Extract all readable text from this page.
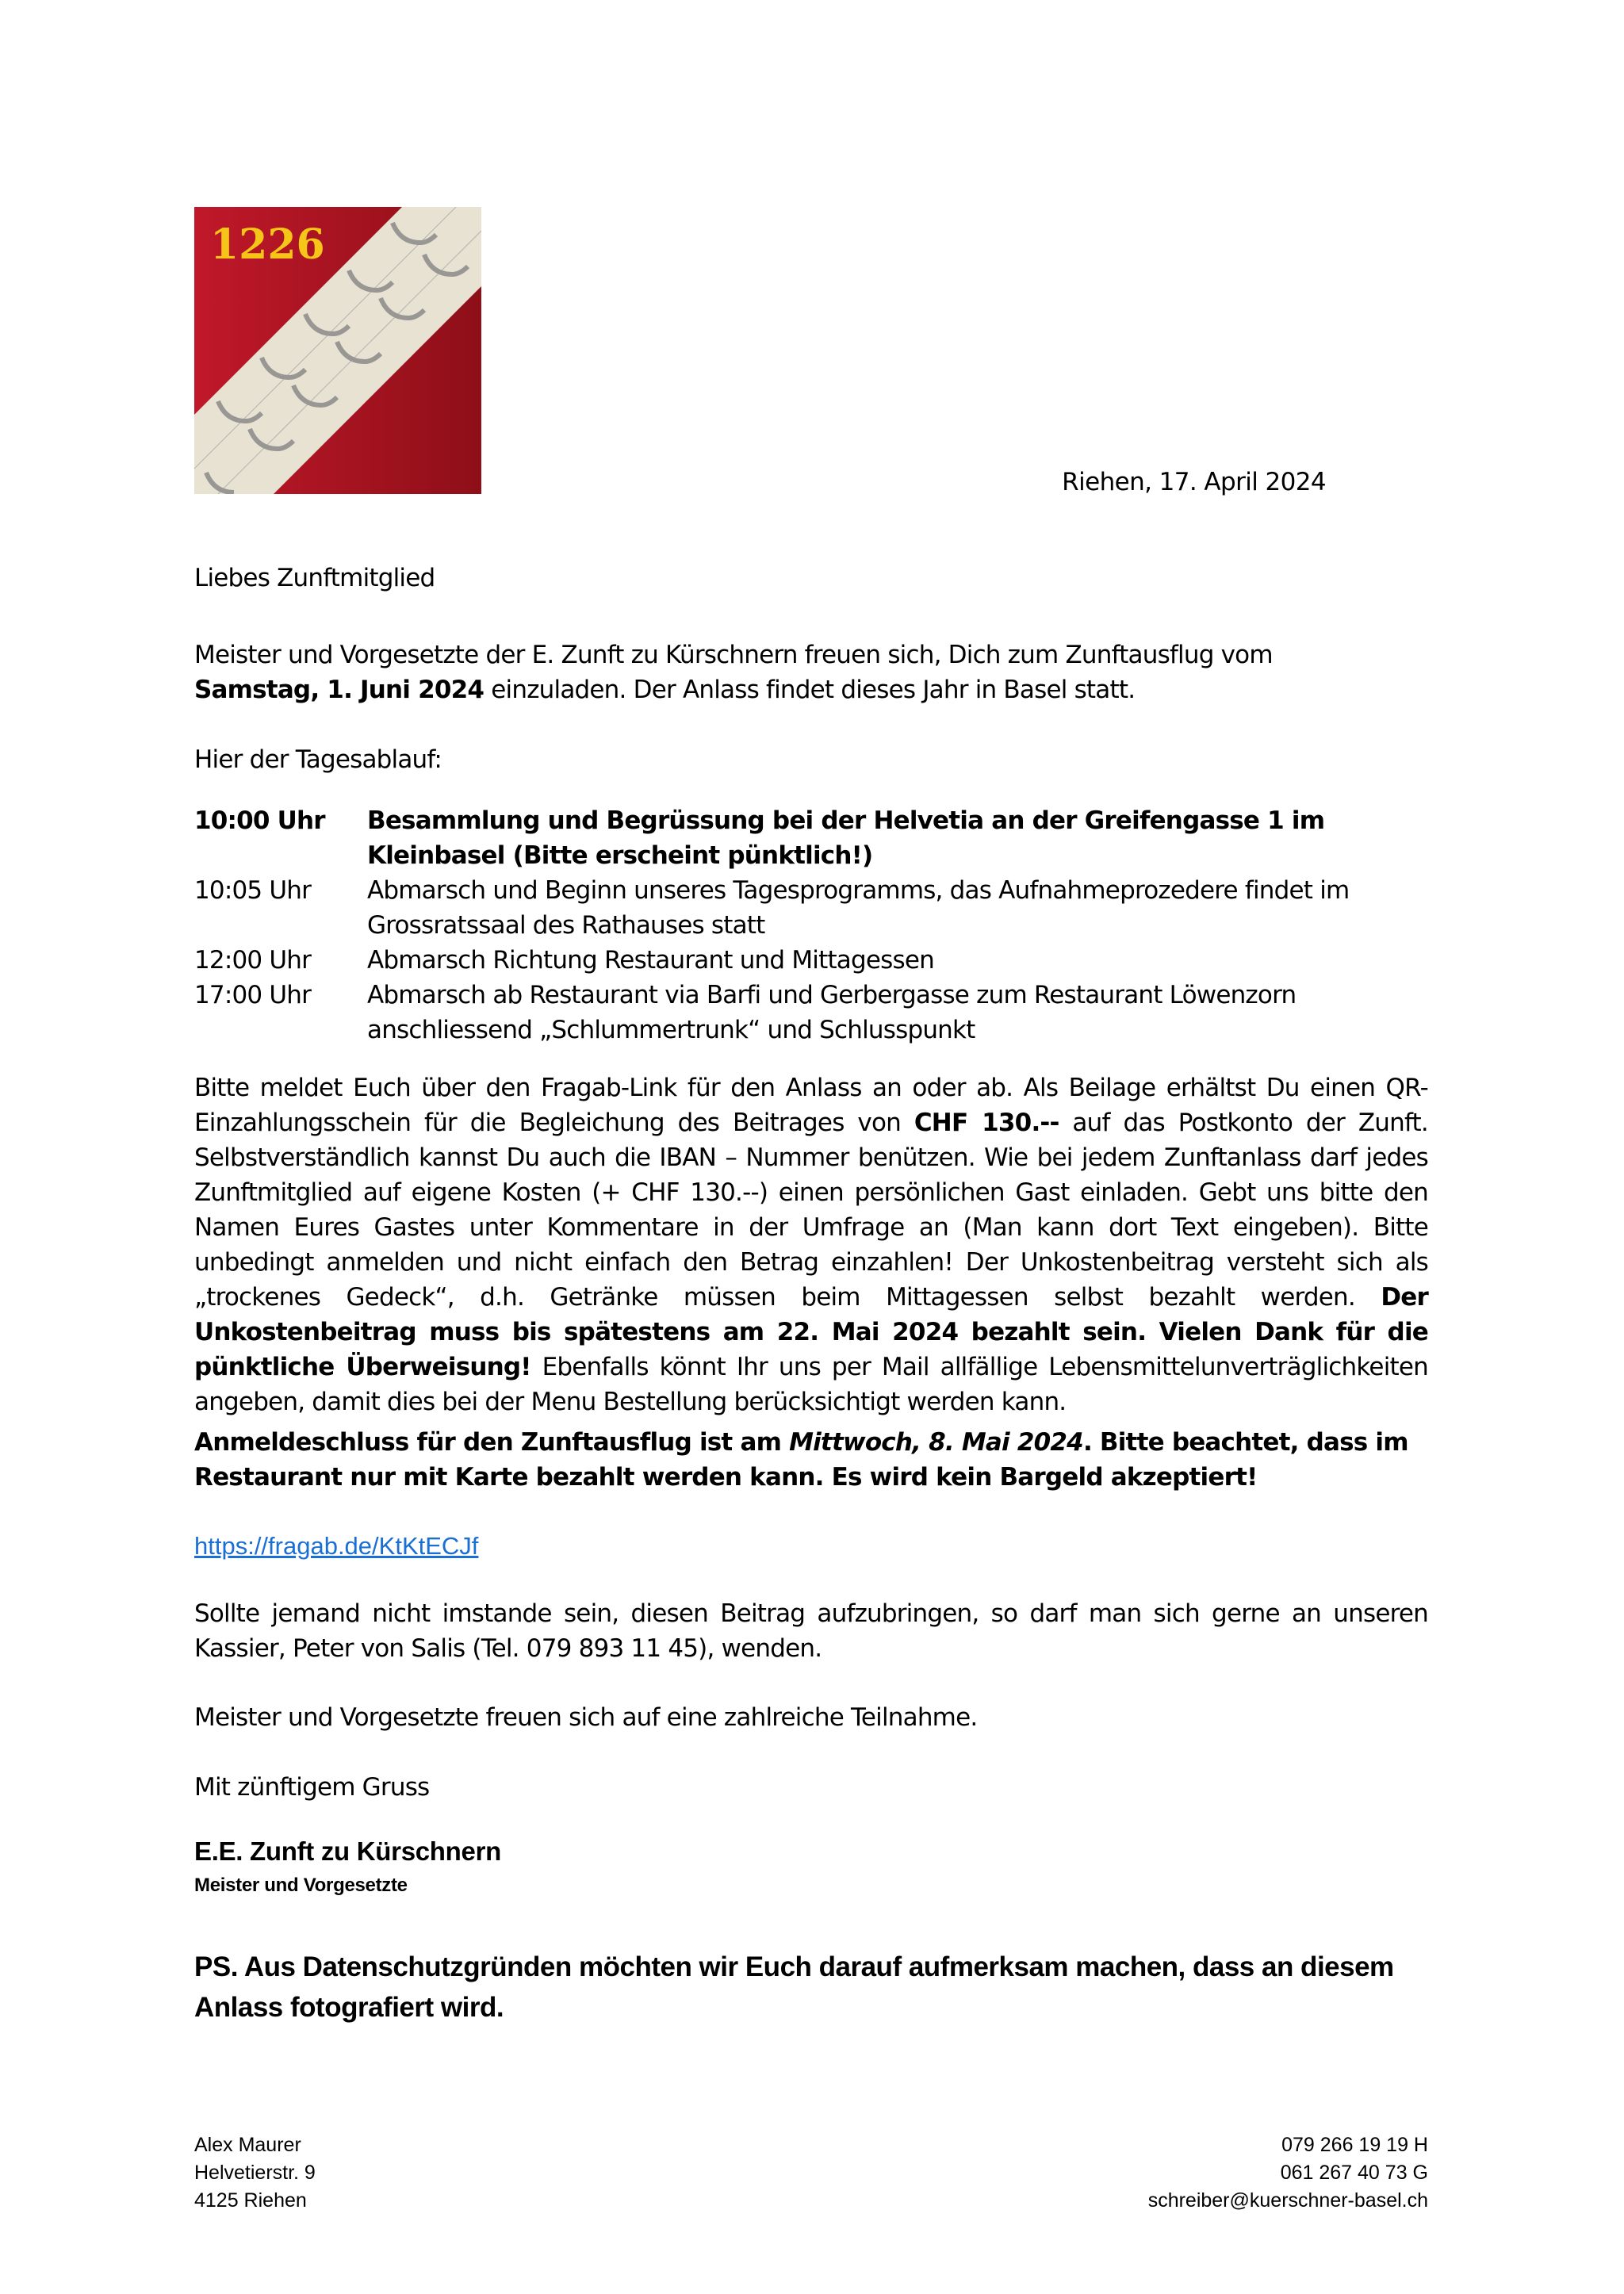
1226
Riehen, 17. April 2024
Liebes Zunftmitglied
Meister und Vorgesetzte der E. Zunft zu Kürschnern freuen sich, Dich zum Zunftausflug vom
Samstag, 1. Juni 2024 einzuladen. Der Anlass findet dieses Jahr in Basel statt.
Hier der Tagesablauf:
10:00 Uhr	Besammlung und Begrüssung bei der Helvetia an der Greifengasse 1 im Kleinbasel (Bitte erscheint pünktlich!)
10:05 Uhr	Abmarsch und Beginn unseres Tagesprogramms, das Aufnahmeprozedere findet im Grossratssaal des Rathauses statt
12:00 Uhr	Abmarsch Richtung Restaurant und Mittagessen
17:00 Uhr	Abmarsch ab Restaurant via Barfi und Gerbergasse zum Restaurant Löwenzorn anschliessend „Schlummertrunk“ und Schlusspunkt
Bitte meldet Euch über den Fragab-Link für den Anlass an oder ab. Als Beilage erhältst Du einen QR-Einzahlungsschein für die Begleichung des Beitrages von CHF 130.-- auf das Postkonto der Zunft. Selbstverständlich kannst Du auch die IBAN – Nummer benützen. Wie bei jedem Zunftanlass darf jedes Zunftmitglied auf eigene Kosten (+ CHF 130.--) einen persönlichen Gast einladen. Gebt uns bitte den Namen Eures Gastes unter Kommentare in der Umfrage an (Man kann dort Text eingeben). Bitte unbedingt anmelden und nicht einfach den Betrag einzahlen! Der Unkostenbeitrag versteht sich als „trockenes Gedeck“, d.h. Getränke müssen beim Mittagessen selbst bezahlt werden. Der Unkostenbeitrag muss bis spätestens am 22. Mai 2024 bezahlt sein. Vielen Dank für die pünktliche Überweisung! Ebenfalls könnt Ihr uns per Mail allfällige Lebensmittelunverträglichkeiten angeben, damit dies bei der Menu Bestellung berücksichtigt werden kann.
Anmeldeschluss für den Zunftausflug ist am Mittwoch, 8. Mai 2024. Bitte beachtet, dass im Restaurant nur mit Karte bezahlt werden kann. Es wird kein Bargeld akzeptiert!
https://fragab.de/KtKtECJf
Sollte jemand nicht imstande sein, diesen Beitrag aufzubringen, so darf man sich gerne an unseren Kassier, Peter von Salis (Tel. 079 893 11 45), wenden.
Meister und Vorgesetzte freuen sich auf eine zahlreiche Teilnahme.
Mit zünftigem Gruss
E.E. Zunft zu Kürschnern
Meister und Vorgesetzte
PS. Aus Datenschutzgründen möchten wir Euch darauf aufmerksam machen, dass an diesem Anlass fotografiert wird.
Alex Maurer
Helvetierstr. 9
4125 Riehen
079 266 19 19 H
061 267 40 73 G
schreiber@kuerschner-basel.ch
